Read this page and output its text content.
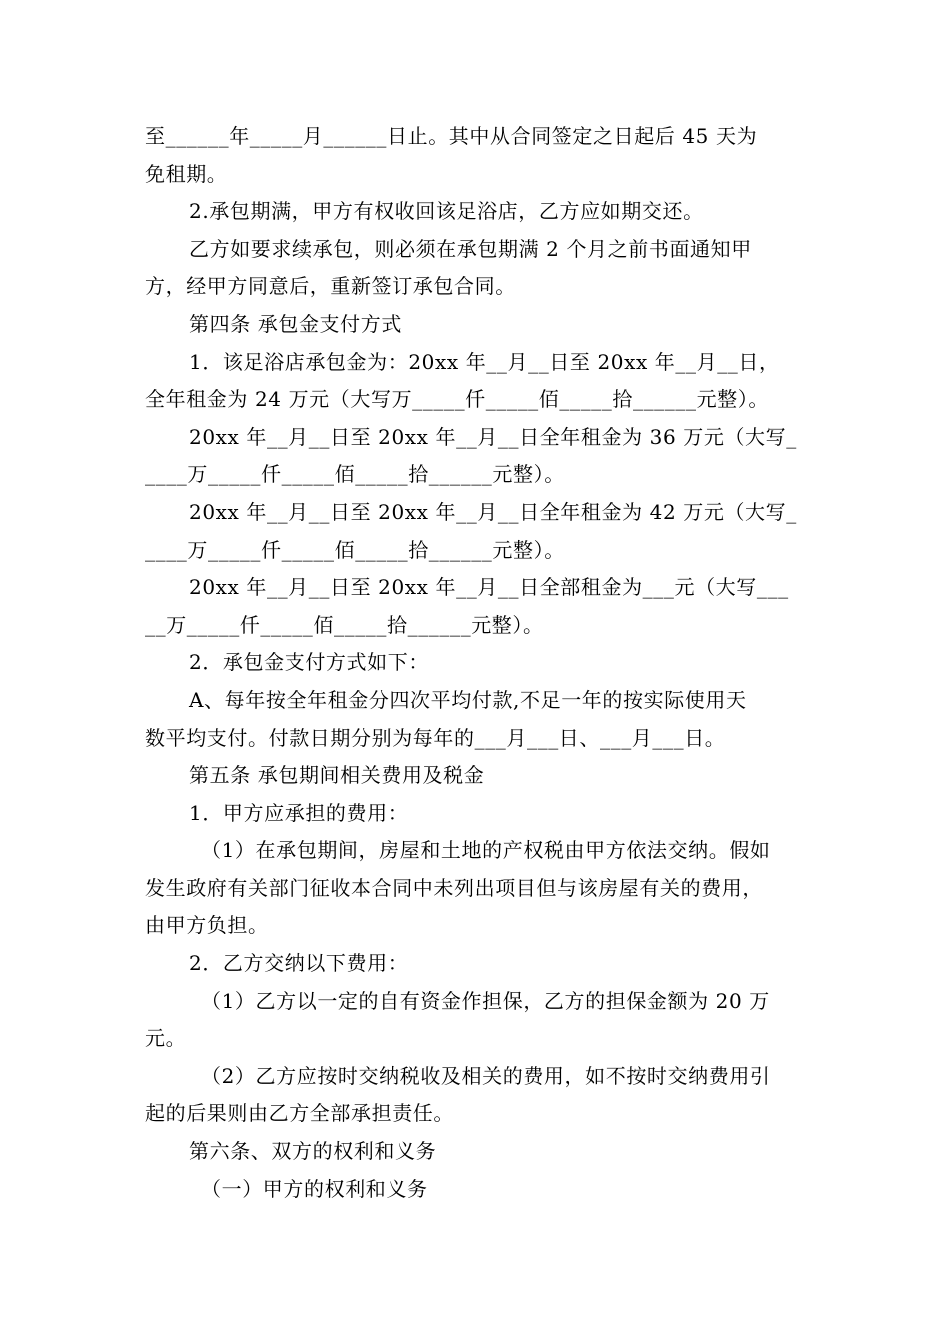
至______年_____月______日止。其中从合同签定之日起后 45 天为
免租期。
2.承包期满，甲方有权收回该足浴店，乙方应如期交还。
乙方如要求续承包，则必须在承包期满 2 个月之前书面通知甲
方，经甲方同意后，重新签订承包合同。
第四条 承包金支付方式
1．该足浴店承包金为：20xx 年__月__日至 20xx 年__月__日，
全年租金为 24 万元（大写万_____仟_____佰_____拾______元整）。
20xx 年__月__日至 20xx 年__月__日全年租金为 36 万元（大写_
____万_____仟_____佰_____拾______元整）。
20xx 年__月__日至 20xx 年__月__日全年租金为 42 万元（大写_
____万_____仟_____佰_____拾______元整）。
20xx 年__月__日至 20xx 年__月__日全部租金为___元（大写___
__万_____仟_____佰_____拾______元整）。
2．承包金支付方式如下：
A、每年按全年租金分四次平均付款,不足一年的按实际使用天
数平均支付。付款日期分别为每年的___月___日、___月___日。
第五条 承包期间相关费用及税金
1．甲方应承担的费用：
（1）在承包期间，房屋和土地的产权税由甲方依法交纳。假如
发生政府有关部门征收本合同中未列出项目但与该房屋有关的费用，
由甲方负担。
2．乙方交纳以下费用：
（1）乙方以一定的自有资金作担保，乙方的担保金额为 20 万
元。
（2）乙方应按时交纳税收及相关的费用，如不按时交纳费用引
起的后果则由乙方全部承担责任。
第六条、双方的权利和义务
（一）甲方的权利和义务
